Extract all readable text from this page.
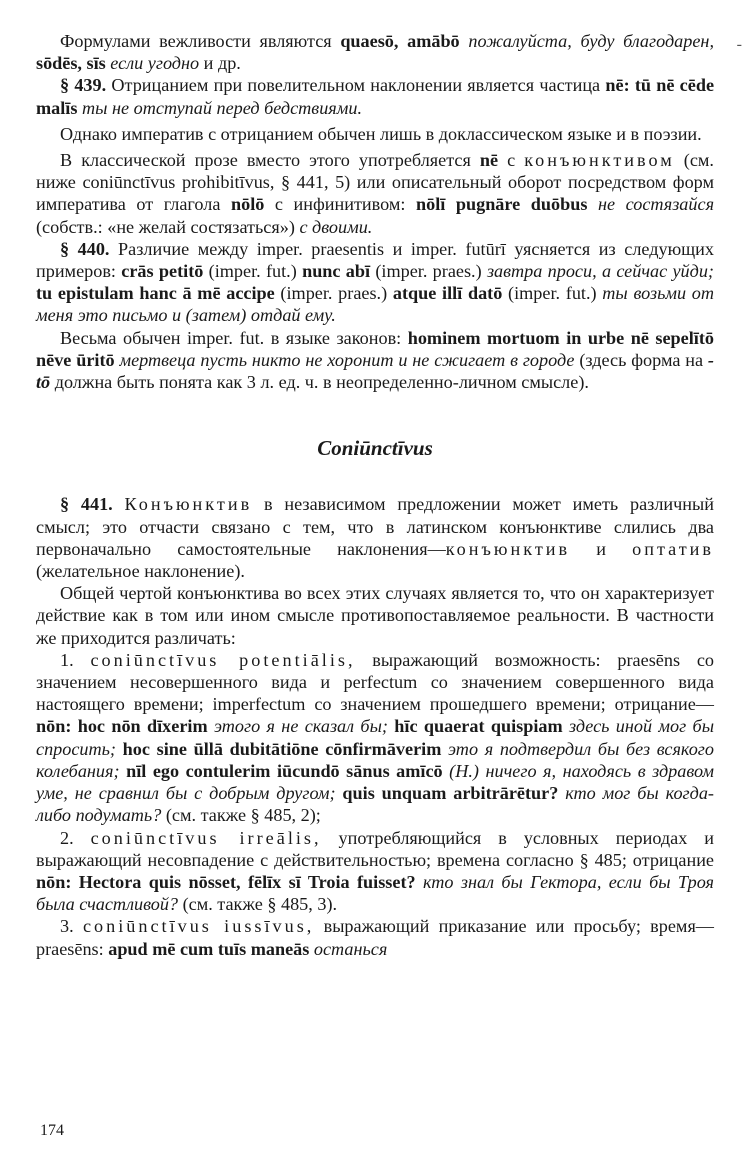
-

Формулами вежливости являются quaesō, amābō пожалуйста, буду благодарен, sōdēs, sīs если угодно и др.

§ 439. Отрицанием при повелительном наклонении является частица nē: tū nē cēde malīs ты не отступай перед бедствиями.

Однако императив с отрицанием обычен лишь в доклассическом языке и в поэзии.

В классической прозе вместо этого употребляется nē с конъюнктивом (см. ниже coniūnctīvus prohibitīvus, § 441, 5) или описательный оборот посредством форм императива от глагола nōlō с инфинитивом: nōlī pugnāre duōbus не состязайся (собств.: «не желай состязаться») с двоими.

§ 440. Различие между imper. praesentis и imper. futūrī уясняется из следующих примеров: crās petitō (imper. fut.) nunc abī (imper. praes.) завтра проси, а сейчас уйди; tu epistulam hanc ā mē accipe (imper. praes.) atque illī datō (imper. fut.) ты возьми от меня это письмо и (затем) отдай ему.

Весьма обычен imper. fut. в языке законов: hominem mortuom in urbe nē sepelītō nēve ūritō мертвеца пусть никто не хоронит и не сжигает в городе (здесь форма на -tō должна быть понята как 3 л. ед. ч. в неопределенно-личном смысле).

Coniūnctīvus

§ 441. Конъюнктив в независимом предложении может иметь различный смысл; это отчасти связано с тем, что в латинском конъюнктиве слились два первоначально самостоятельные наклонения—конъюнктив и оптатив (желательное наклонение).

Общей чертой конъюнктива во всех этих случаях является то, что он характеризует действие как в том или ином смысле противопоставляемое реальности. В частности же приходится различать:

1. coniūnctīvus potentiālis, выражающий возможность: praesēns со значением несовершенного вида и perfectum со значением совершенного вида настоящего времени; imperfectum со значением прошедшего времени; отрицание—nōn: hoc nōn dīxerim этого я не сказал бы; hīc quaerat quispiam здесь иной мог бы спросить; hoc sine ūllā dubitātiōne cōnfirmāverim это я подтвердил бы без всякого колебания; nīl ego contulerim iūcundō sānus amīcō (H.) ничего я, находясь в здравом уме, не сравнил бы с добрым другом; quis unquam arbitrārētur? кто мог бы когда-либо подумать? (см. также § 485, 2);

2. coniūnctīvus irreālis, употребляющийся в условных периодах и выражающий несовпадение с действительностью; времена согласно § 485; отрицание nōn: Hectora quis nōsset, fēlīx sī Troia fuisset? кто знал бы Гектора, если бы Троя была счастливой? (см. также § 485, 3).

3. coniūnctīvus iussīvus, выражающий приказание или просьбу; время—praesēns: apud mē cum tuīs maneās останься

174
